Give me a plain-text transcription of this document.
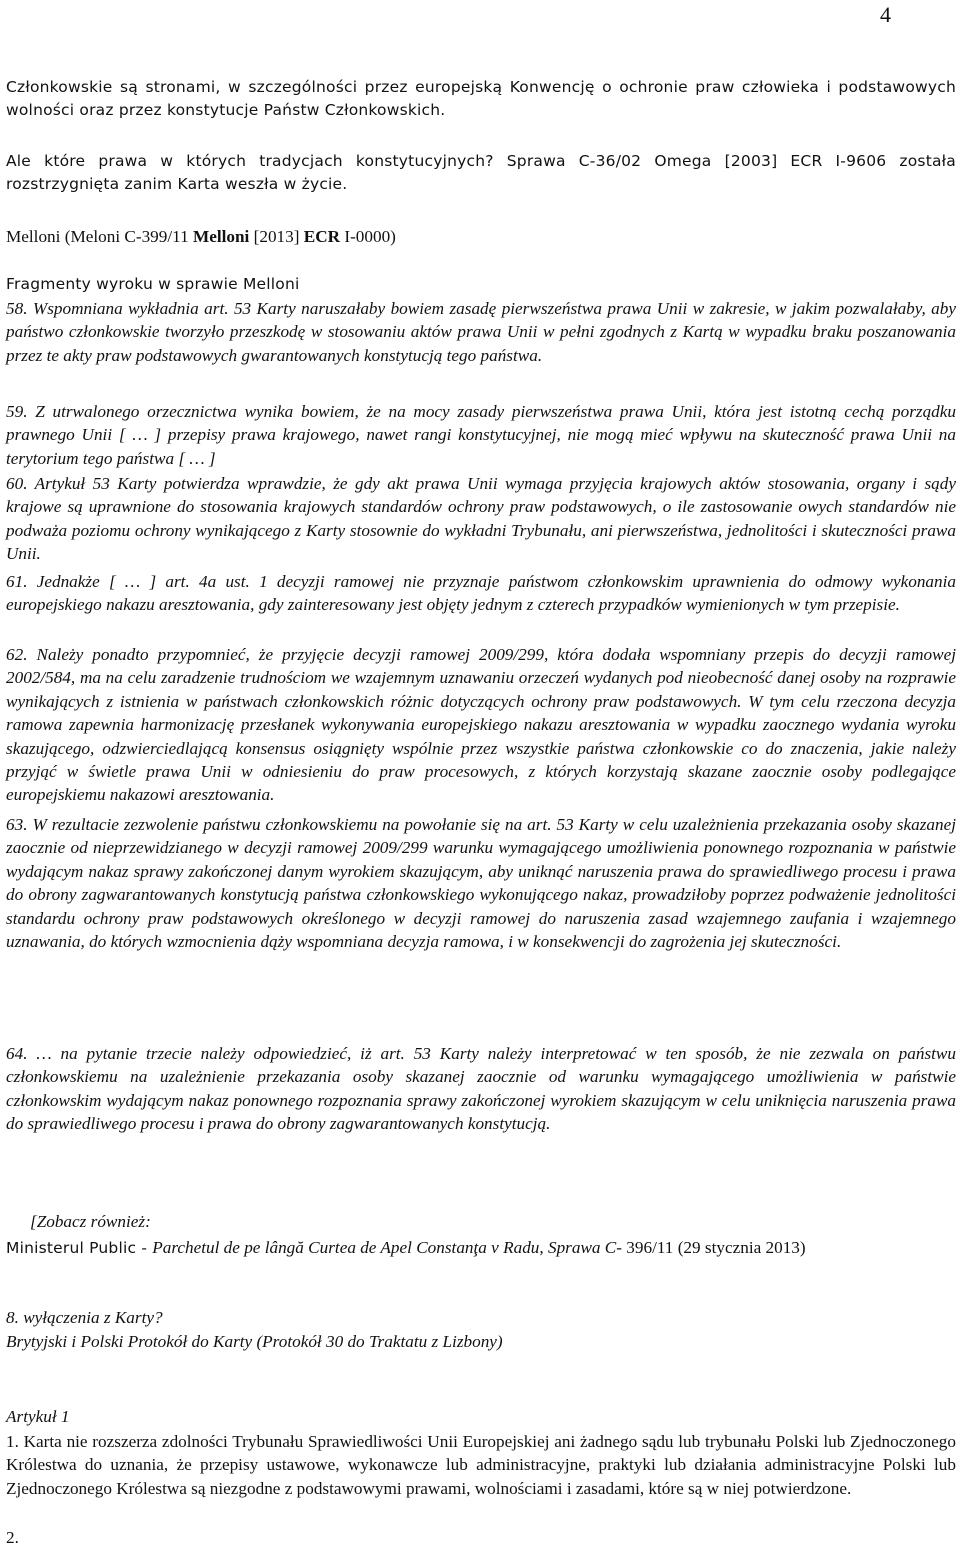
4

Członkowskie są stronami, w szczególności przez europejską Konwencję o ochronie praw człowieka i podstawowych wolności oraz przez konstytucje Państw Członkowskich.

Ale które prawa w których tradycjach konstytucyjnych? Sprawa C-36/02 Omega [2003] ECR I-9606 została rozstrzygnięta zanim Karta weszła w życie.

Melloni (Meloni C-399/11 Melloni [2013] ECR I-0000)

Fragmenty wyroku w sprawie Melloni

58. Wspomniana wykładnia art. 53 Karty naruszałaby bowiem zasadę pierwszeństwa prawa Unii w zakresie, w jakim pozwalałaby, aby państwo członkowskie tworzyło przeszkodę w stosowaniu aktów prawa Unii w pełni zgodnych z Kartą w wypadku braku poszanowania przez te akty praw podstawowych gwarantowanych konstytucją tego państwa.

59. Z utrwalonego orzecznictwa wynika bowiem, że na mocy zasady pierwszeństwa prawa Unii, która jest istotną cechą porządku prawnego Unii [ … ] przepisy prawa krajowego, nawet rangi konstytucyjnej, nie mogą mieć wpływu na skuteczność prawa Unii na terytorium tego państwa [ … ]

60. Artykuł 53 Karty potwierdza wprawdzie, że gdy akt prawa Unii wymaga przyjęcia krajowych aktów stosowania, organy i sądy krajowe są uprawnione do stosowania krajowych standardów ochrony praw podstawowych, o ile zastosowanie owych standardów nie podważa poziomu ochrony wynikającego z Karty stosownie do wykładni Trybunału, ani pierwszeństwa, jednolitości i skuteczności prawa Unii.

61. Jednakże [ … ] art. 4a ust. 1 decyzji ramowej nie przyznaje państwom członkowskim uprawnienia do odmowy wykonania europejskiego nakazu aresztowania, gdy zainteresowany jest objęty jednym z czterech przypadków wymienionych w tym przepisie.

62. Należy ponadto przypomnieć, że przyjęcie decyzji ramowej 2009/299, która dodała wspomniany przepis do decyzji ramowej 2002/584, ma na celu zaradzenie trudnościom we wzajemnym uznawaniu orzeczeń wydanych pod nieobecność danej osoby na rozprawie wynikających z istnienia w państwach członkowskich różnic dotyczących ochrony praw podstawowych. W tym celu rzeczona decyzja ramowa zapewnia harmonizację przesłanek wykonywania europejskiego nakazu aresztowania w wypadku zaocznego wydania wyroku skazującego, odzwierciedlającą konsensus osiągnięty wspólnie przez wszystkie państwa członkowskie co do znaczenia, jakie należy przyjąć w świetle prawa Unii w odniesieniu do praw procesowych, z których korzystają skazane zaocznie osoby podlegające europejskiemu nakazowi aresztowania.

63. W rezultacie zezwolenie państwu członkowskiemu na powołanie się na art. 53 Karty w celu uzależnienia przekazania osoby skazanej zaocznie od nieprzewidzianego w decyzji ramowej 2009/299 warunku wymagającego umożliwienia ponownego rozpoznania w państwie wydającym nakaz sprawy zakończonej danym wyrokiem skazującym, aby uniknąć naruszenia prawa do sprawiedliwego procesu i prawa do obrony zagwarantowanych konstytucją państwa członkowskiego wykonującego nakaz, prowadziłoby poprzez podważenie jednolitości standardu ochrony praw podstawowych określonego w decyzji ramowej do naruszenia zasad wzajemnego zaufania i wzajemnego uznawania, do których wzmocnienia dąży wspomniana decyzja ramowa, i w konsekwencji do zagrożenia jej skuteczności.

64. … na pytanie trzecie należy odpowiedzieć, iż art. 53 Karty należy interpretować w ten sposób, że nie zezwala on państwu członkowskiemu na uzależnienie przekazania osoby skazanej zaocznie od warunku wymagającego umożliwienia w państwie członkowskim wydającym nakaz ponownego rozpoznania sprawy zakończonej wyrokiem skazującym w celu uniknięcia naruszenia prawa do sprawiedliwego procesu i prawa do obrony zagwarantowanych konstytucją.

[Zobacz również:

Ministerul Public - Parchetul de pe lângă Curtea de Apel Constanţa v Radu, Sprawa C- 396/11 (29 stycznia 2013)

8. wyłączenia z Karty?

Brytyjski i Polski Protokół do Karty (Protokół 30 do Traktatu z Lizbony)

Artykuł 1

1. Karta nie rozszerza zdolności Trybunału Sprawiedliwości Unii Europejskiej ani żadnego sądu lub trybunału Polski lub Zjednoczonego Królestwa do uznania, że przepisy ustawowe, wykonawcze lub administracyjne, praktyki lub działania administracyjne Polski lub Zjednoczonego Królestwa są niezgodne z podstawowymi prawami, wolnościami i zasadami, które są w niej potwierdzone.

2.
